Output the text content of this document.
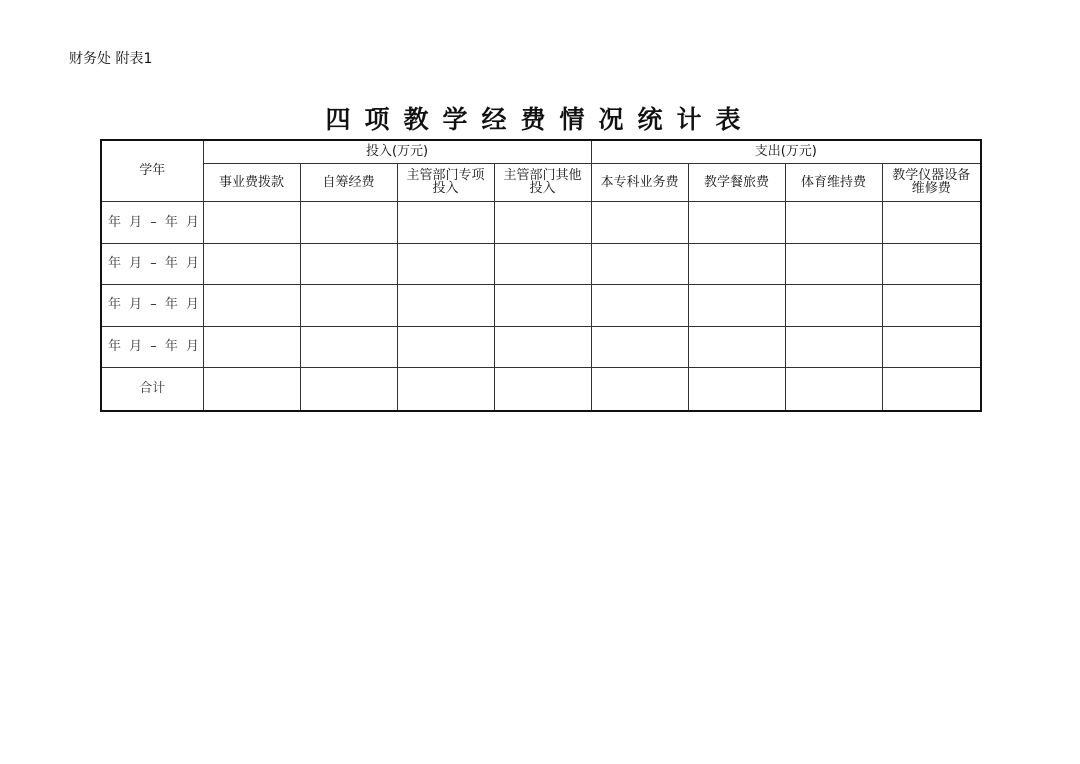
财务处 附表1
四项教学经费情况统计表
学年	投入(万元)				支出(万元)			
	事业费拨款	自筹经费	主管部门专项投入	主管部门其他投入	本专科业务费	教学餐旅费	体育维持费	教学仪器设备维修费
年 月 – 年 月								
年 月 – 年 月								
年 月 – 年 月								
年 月 – 年 月								
合计								
